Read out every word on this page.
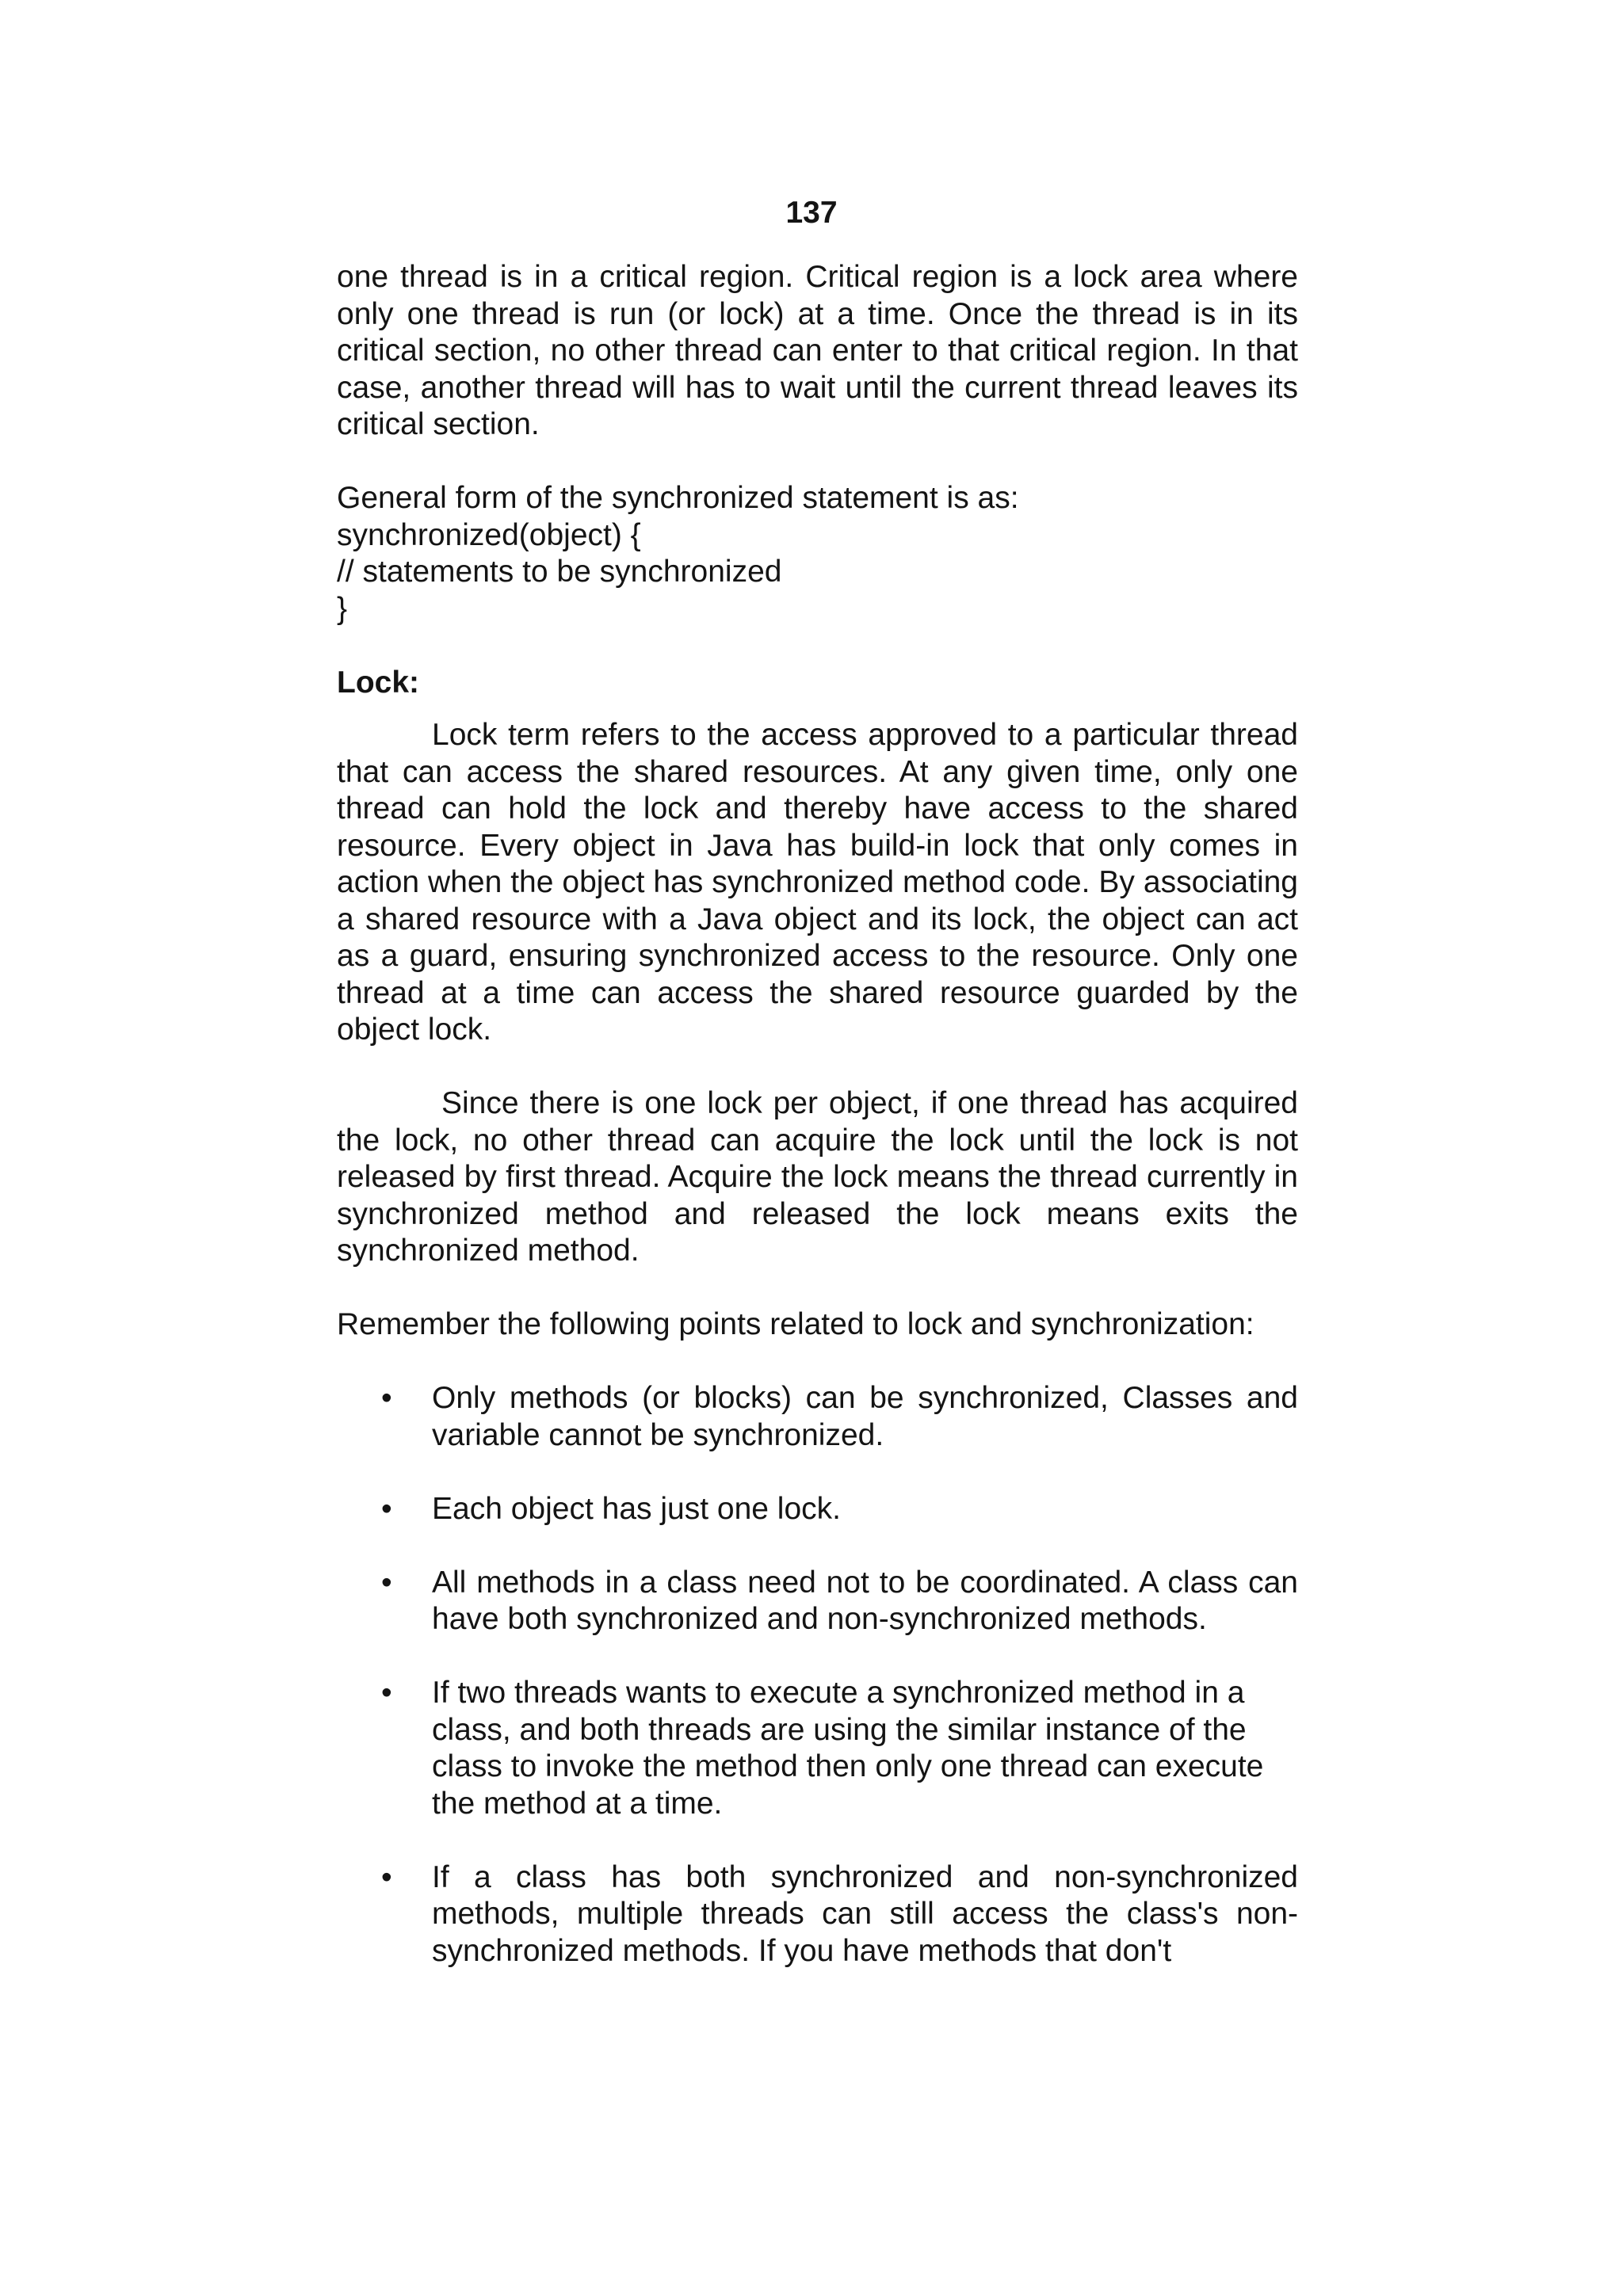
137

one thread is in a critical region. Critical region is a lock area where only one thread is run (or lock) at a time. Once the thread is in its critical section, no other thread can enter to that critical region. In that case, another thread will has to wait until the current thread leaves its critical section.

General form of the synchronized statement is as:

synchronized(object) {

// statements to be synchronized

}

Lock:

Lock term refers to the access approved to a particular thread that can access the shared resources. At any given time, only one thread can hold the lock and thereby have access to the shared resource. Every object in Java has build-in lock that only comes in action when the object has synchronized method code. By associating a shared resource with a Java object and its lock, the object can act as a guard, ensuring synchronized access to the resource. Only one thread at a time can access the shared resource guarded by the object lock.

Since there is one lock per object, if one thread has acquired the lock, no other thread can acquire the lock until the lock is not released by first thread. Acquire the lock means the thread currently in synchronized method and released the lock means exits the synchronized method.

Remember the following points related to lock and synchronization:

• Only methods (or blocks) can be synchronized, Classes and variable cannot be synchronized.
• Each object has just one lock.
• All methods in a class need not to be coordinated. A class can have both synchronized and non-synchronized methods.
• If two threads wants to execute a synchronized method in a class, and both threads are using the similar instance of the class to invoke the method then only one thread can execute the method at a time.
• If a class has both synchronized and non-synchronized methods, multiple threads can still access the class's non-synchronized methods. If you have methods that don't
